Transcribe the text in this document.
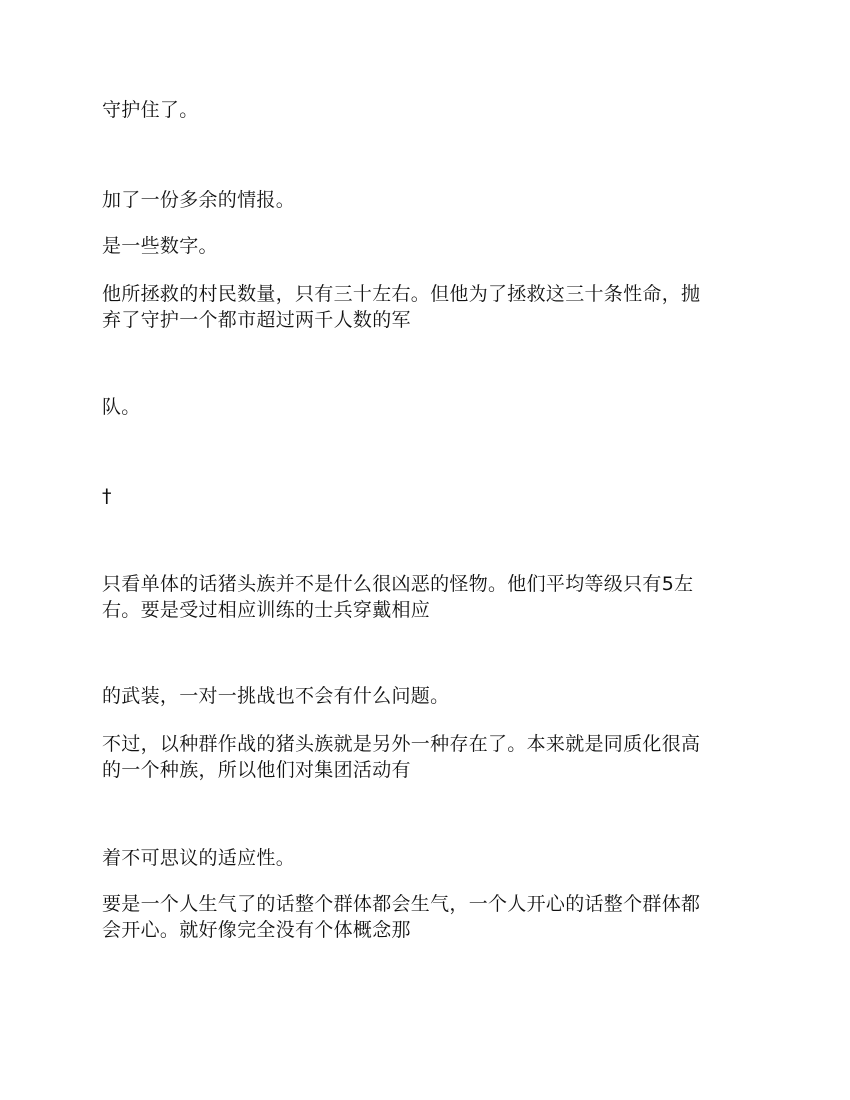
守护住了。

加了一份多余的情报。

是一些数字。

他所拯救的村民数量，只有三十左右。但他为了拯救这三十条性命，抛
弃了守护一个都市超过两千人数的军

队。

†

只看单体的话猪头族并不是什么很凶恶的怪物。他们平均等级只有5左
右。要是受过相应训练的士兵穿戴相应

的武装，一对一挑战也不会有什么问题。

不过，以种群作战的猪头族就是另外一种存在了。本来就是同质化很高
的一个种族，所以他们对集团活动有

着不可思议的适应性。

要是一个人生气了的话整个群体都会生气，一个人开心的话整个群体都
会开心。就好像完全没有个体概念那
